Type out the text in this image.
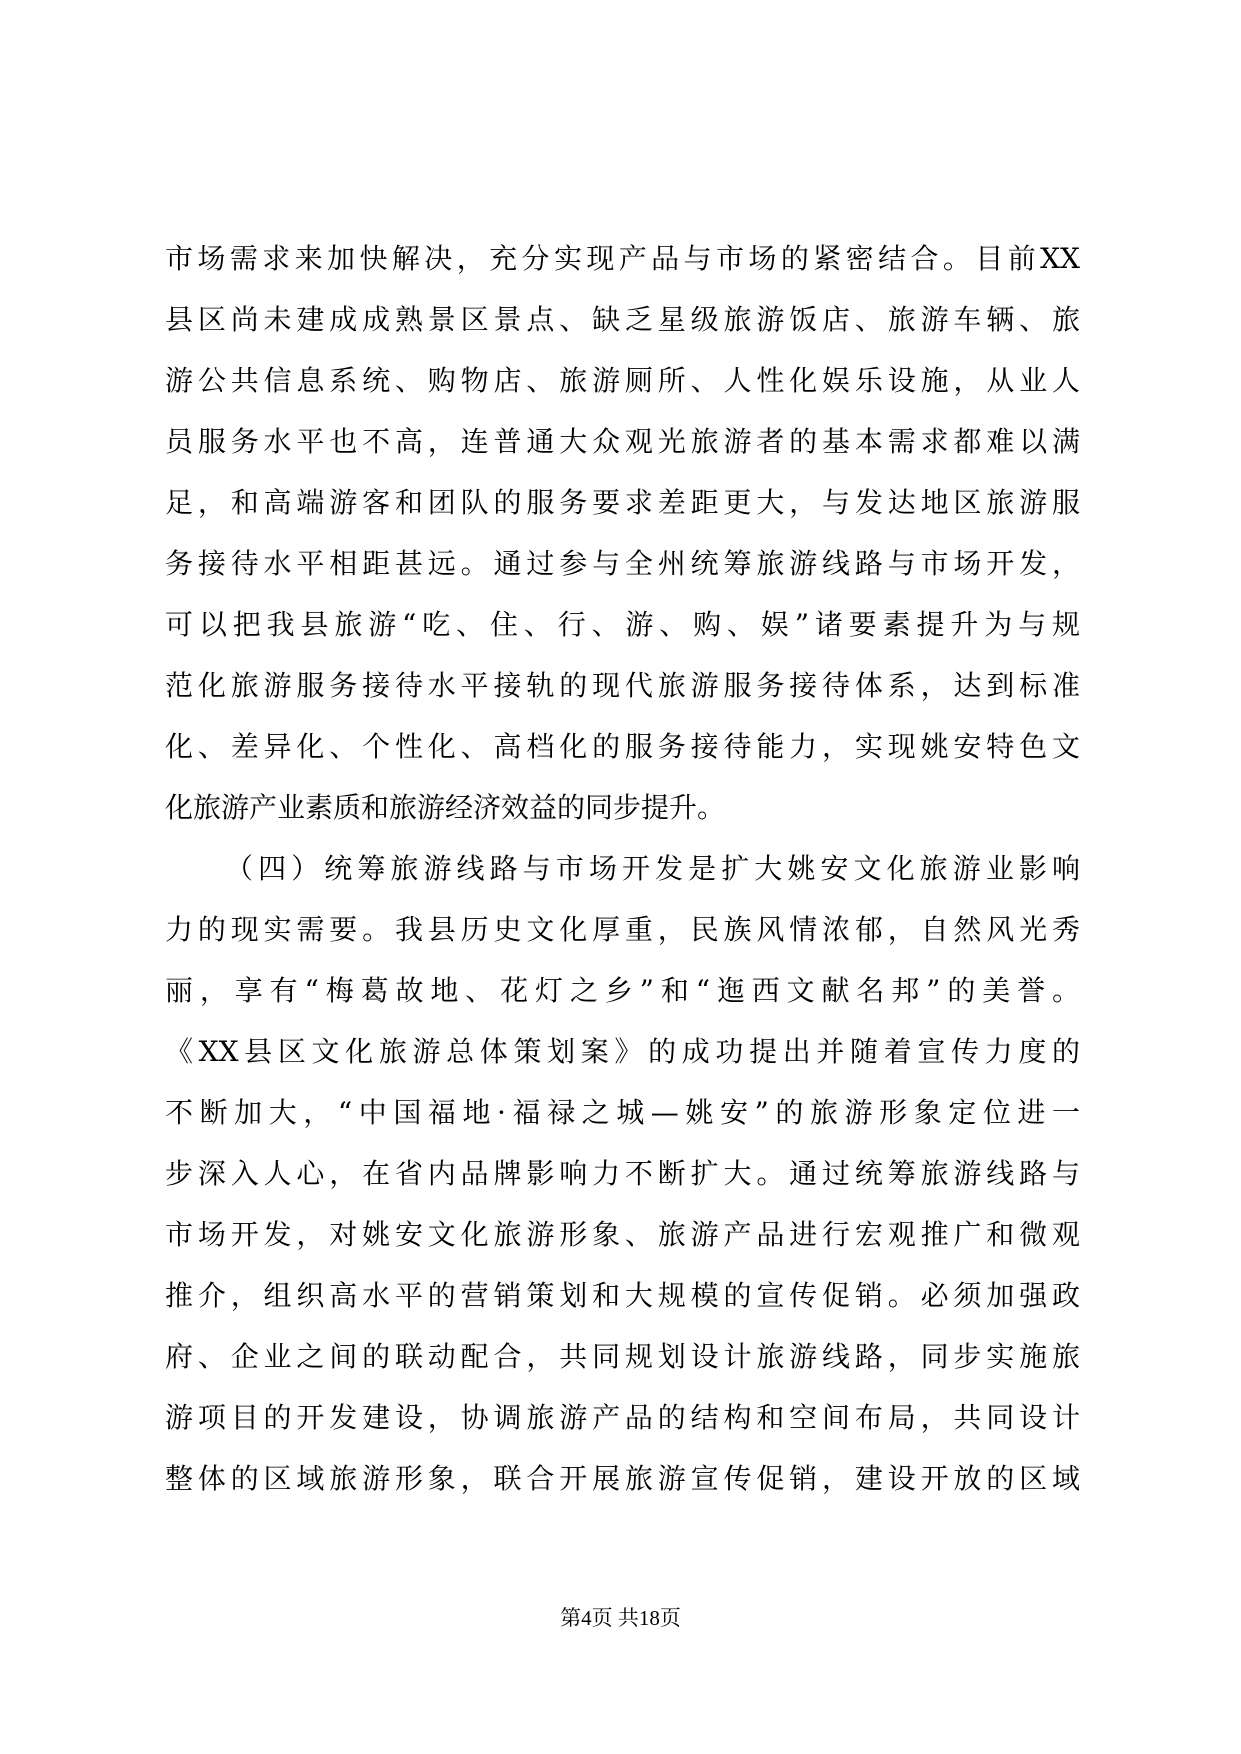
市场需求来加快解决，充分实现产品与市场的紧密结合。目前XX
县区尚未建成成熟景区景点、缺乏星级旅游饭店、旅游车辆、旅
游公共信息系统、购物店、旅游厕所、人性化娱乐设施，从业人
员服务水平也不高，连普通大众观光旅游者的基本需求都难以满
足，和高端游客和团队的服务要求差距更大，与发达地区旅游服
务接待水平相距甚远。通过参与全州统筹旅游线路与市场开发，
可以把我县旅游“吃、住、行、游、购、娱”诸要素提升为与规
范化旅游服务接待水平接轨的现代旅游服务接待体系，达到标准
化、差异化、个性化、高档化的服务接待能力，实现姚安特色文
化旅游产业素质和旅游经济效益的同步提升。
（四）统筹旅游线路与市场开发是扩大姚安文化旅游业影响
力的现实需要。我县历史文化厚重，民族风情浓郁，自然风光秀
丽，享有“梅葛故地、花灯之乡”和“迤西文献名邦”的美誉。
《XX县区文化旅游总体策划案》的成功提出并随着宣传力度的
不断加大，“中国福地·福禄之城—姚安”的旅游形象定位进一
步深入人心，在省内品牌影响力不断扩大。通过统筹旅游线路与
市场开发，对姚安文化旅游形象、旅游产品进行宏观推广和微观
推介，组织高水平的营销策划和大规模的宣传促销。必须加强政
府、企业之间的联动配合，共同规划设计旅游线路，同步实施旅
游项目的开发建设，协调旅游产品的结构和空间布局，共同设计
整体的区域旅游形象，联合开展旅游宣传促销，建设开放的区域
第4页 共18页
